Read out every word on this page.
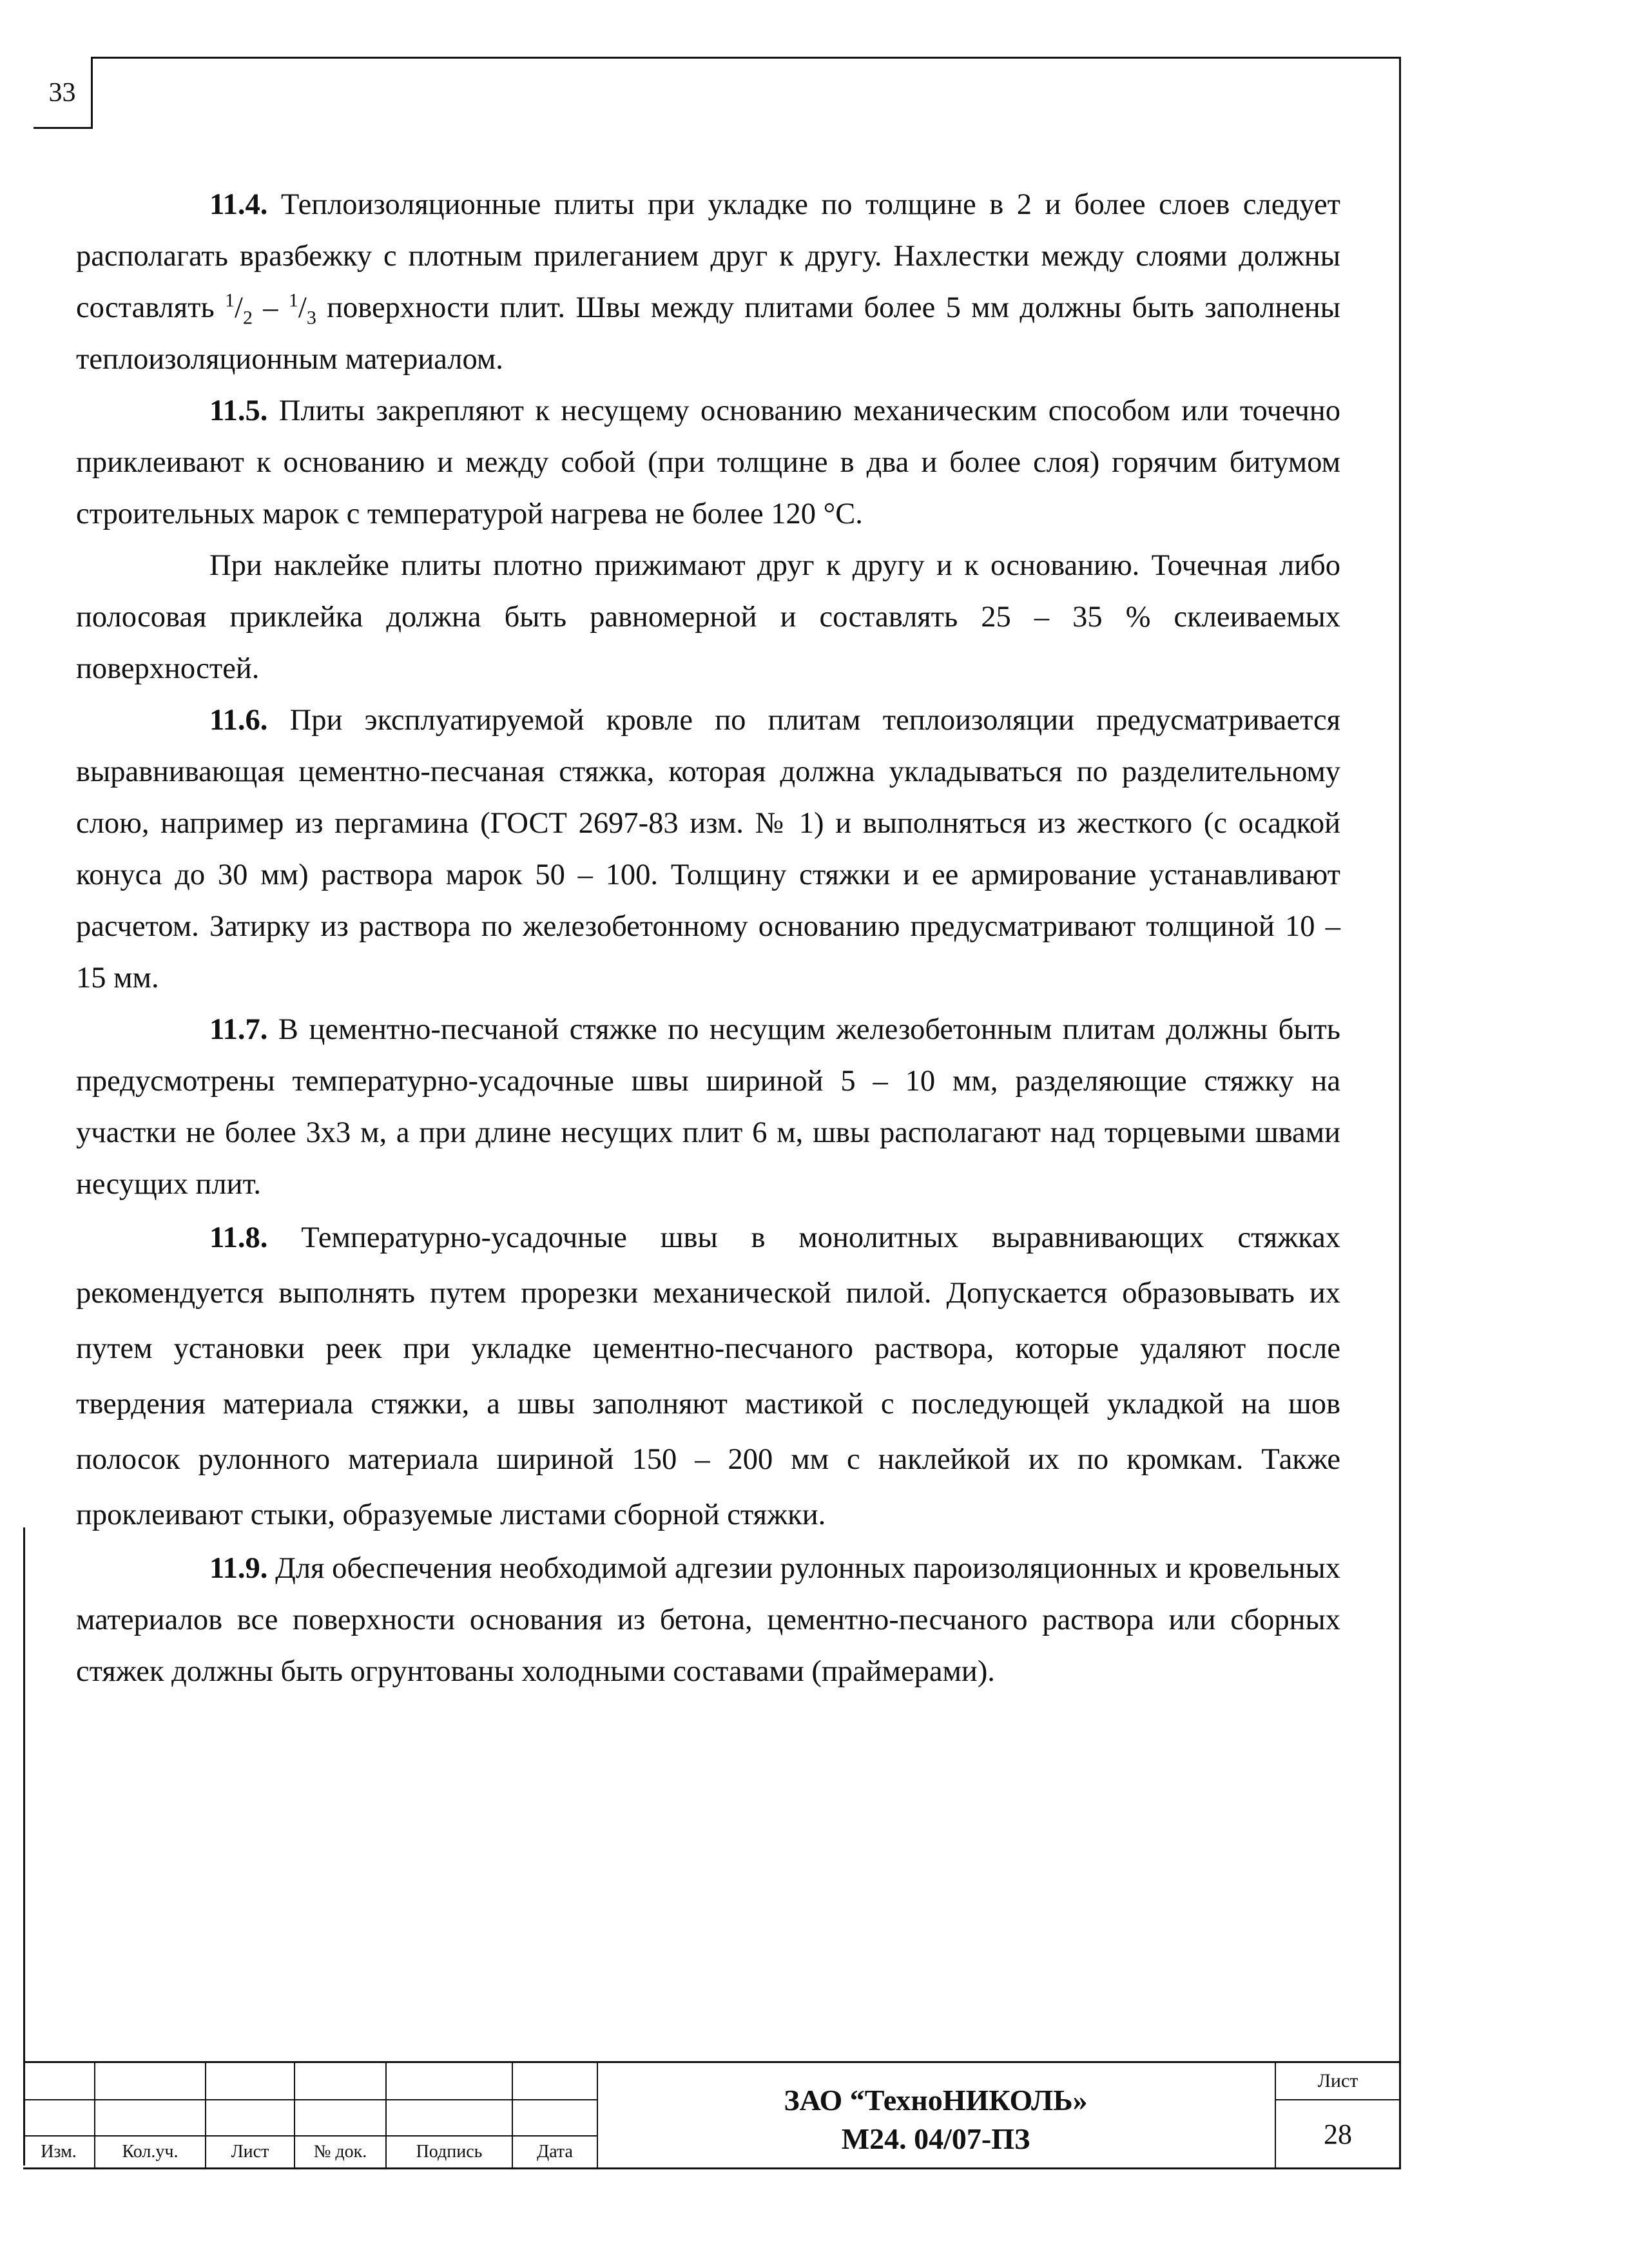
33

11.4. Теплоизоляционные плиты при укладке по толщине в 2 и более слоев следует располагать вразбежку с плотным прилеганием друг к другу. Нахлестки между слоями должны составлять $^1/_2 - ^1/_3$ поверхности плит. Швы между плитами более 5 мм должны быть заполнены теплоизоляционным материалом.

11.5. Плиты закрепляют к несущему основанию механическим способом или точечно приклеивают к основанию и между собой (при толщине в два и более слоя) горячим битумом строительных марок с температурой нагрева не более 120 °С.

При наклейке плиты плотно прижимают друг к другу и к основанию. Точечная либо полосовая приклейка должна быть равномерной и составлять 25 – 35 % склеиваемых поверхностей.

11.6. При эксплуатируемой кровле по плитам теплоизоляции предусматривается выравнивающая цементно-песчаная стяжка, которая должна укладываться по разделительному слою, например из пергамина (ГОСТ 2697-83 изм. № 1) и выполняться из жесткого (с осадкой конуса до 30 мм) раствора марок 50 – 100. Толщину стяжки и ее армирование устанавливают расчетом. Затирку из раствора по железобетонному основанию предусматривают толщиной 10 – 15 мм.

11.7. В цементно-песчаной стяжке по несущим железобетонным плитам должны быть предусмотрены температурно-усадочные швы шириной 5 – 10 мм, разделяющие стяжку на участки не более 3х3 м, а при длине несущих плит 6 м, швы располагают над торцевыми швами несущих плит.

11.8. Температурно-усадочные швы в монолитных выравнивающих стяжках рекомендуется выполнять путем прорезки механической пилой. Допускается образовывать их путем установки реек при укладке цементно-песчаного раствора, которые удаляют после твердения материала стяжки, а швы заполняют мастикой с последующей укладкой на шов полосок рулонного материала шириной 150 – 200 мм с наклейкой их по кромкам. Также проклеивают стыки, образуемые листами сборной стяжки.

11.9. Для обеспечения необходимой адгезии рулонных пароизоляционных и кровельных материалов все поверхности основания из бетона, цементно-песчаного раствора или сборных стяжек должны быть огрунтованы холодными составами (праймерами).

Изм.	Кол.уч.	Лист	№ док.	Подпись	Дата
ЗАО “ТехноНИКОЛЬ»
М24. 04/07-ПЗ
Лист
28
